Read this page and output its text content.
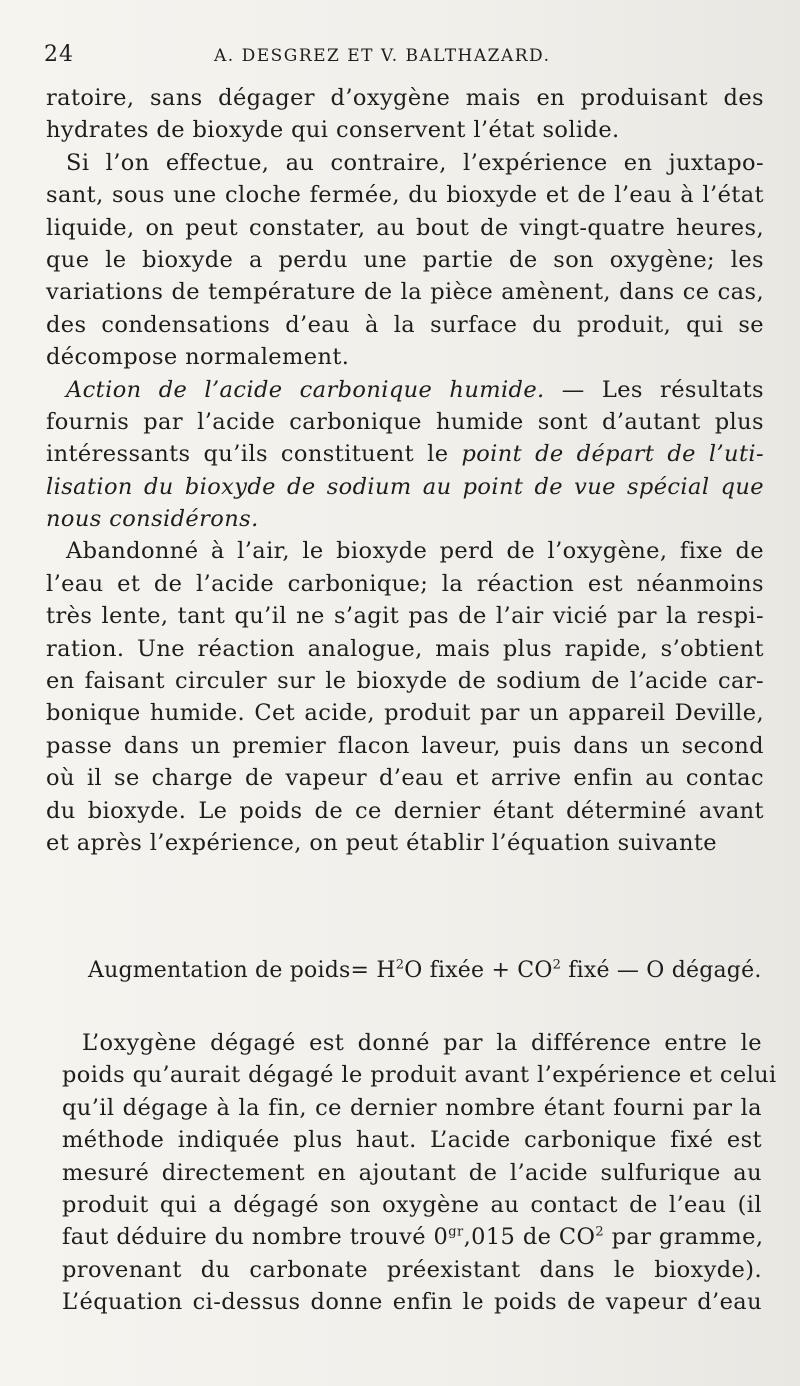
24	A. DESGREZ ET V. BALTHAZARD.
ratoire, sans dégager d’oxygène mais en produisant des
hydrates de bioxyde qui conservent l’état solide.
Si l’on effectue, au contraire, l’expérience en juxtapo-
sant, sous une cloche fermée, du bioxyde et de l’eau à l’état
liquide, on peut constater, au bout de vingt-quatre heures,
que le bioxyde a perdu une partie de son oxygène; les
variations de température de la pièce amènent, dans ce cas,
des condensations d’eau à la surface du produit, qui se
décompose normalement.
Action de l’acide carbonique humide. — Les résultats
fournis par l’acide carbonique humide sont d’autant plus
intéressants qu’ils constituent le point de départ de l’uti-
lisation du bioxyde de sodium au point de vue spécial que
nous considérons.
Abandonné à l’air, le bioxyde perd de l’oxygène, fixe de
l’eau et de l’acide carbonique; la réaction est néanmoins
très lente, tant qu’il ne s’agit pas de l’air vicié par la respi-
ration. Une réaction analogue, mais plus rapide, s’obtient
en faisant circuler sur le bioxyde de sodium de l’acide car-
bonique humide. Cet acide, produit par un appareil Deville,
passe dans un premier flacon laveur, puis dans un second
où il se charge de vapeur d’eau et arrive enfin au contac
du bioxyde. Le poids de ce dernier étant déterminé avant
et après l’expérience, on peut établir l’équation suivante
Augmentation de poids= $H^2O$ fixée + $CO^2$ fixé — O dégagé.
L’oxygène dégagé est donné par la différence entre le
poids qu’aurait dégagé le produit avant l’expérience et celui
qu’il dégage à la fin, ce dernier nombre étant fourni par la
méthode indiquée plus haut. L’acide carbonique fixé est
mesuré directement en ajoutant de l’acide sulfurique au
produit qui a dégagé son oxygène au contact de l’eau (il
faut déduire du nombre trouvé $0^{gr},015$ de $CO^2$ par gramme,
provenant du carbonate préexistant dans le bioxyde).
L’équation ci-dessus donne enfin le poids de vapeur d’eau
